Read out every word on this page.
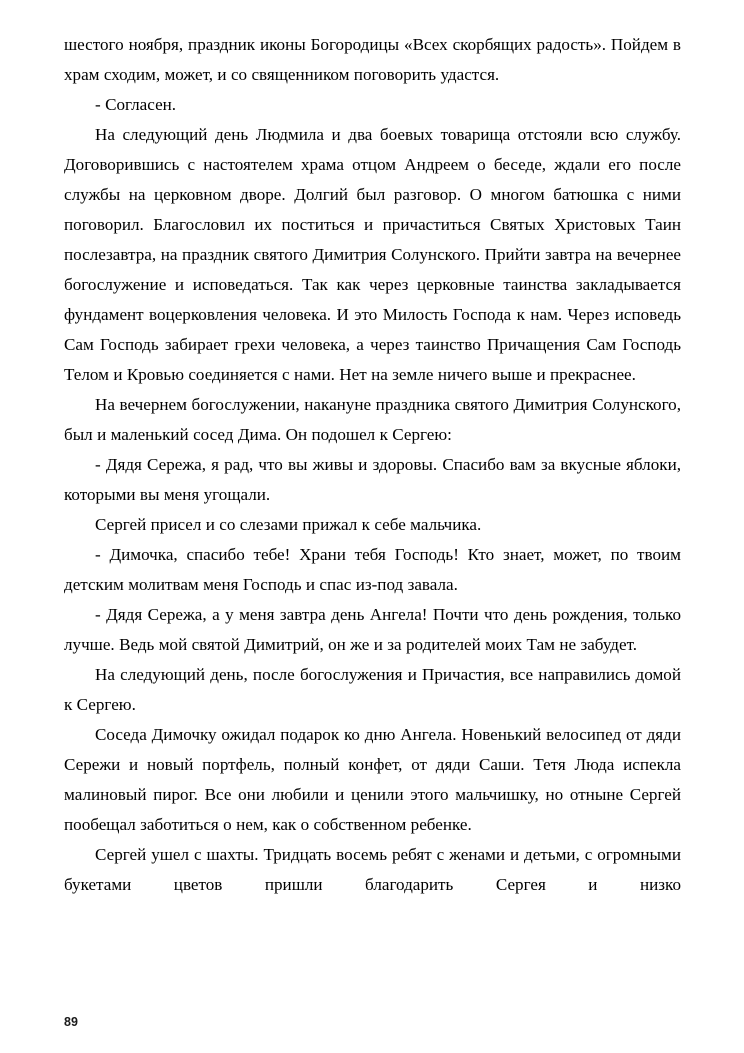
шестого ноября, праздник иконы Богородицы «Всех скорбящих радость». Пойдем в храм сходим, может, и со священником поговорить удастся.

- Согласен.

На следующий день Людмила и два боевых товарища отстояли всю службу. Договорившись с настоятелем храма отцом Андреем о беседе, ждали его после службы на церковном дворе. Долгий был разговор. О многом батюшка с ними поговорил. Благословил их поститься и причаститься Святых Христовых Таин послезавтра, на праздник святого Димитрия Солунского. Прийти завтра на вечернее богослужение и исповедаться. Так как через церковные таинства закладывается фундамент воцерковления человека. И это Милость Господа к нам. Через исповедь Сам Господь забирает грехи человека, а через таинство Причащения Сам Господь Телом и Кровью соединяется с нами. Нет на земле ничего выше и прекраснее.

На вечернем богослужении, накануне праздника святого Димитрия Солунского, был и маленький сосед Дима. Он подошел к Сергею:

- Дядя Сережа, я рад, что вы живы и здоровы. Спасибо вам за вкусные яблоки, которыми вы меня угощали.

Сергей присел и со слезами прижал к себе мальчика.

- Димочка, спасибо тебе! Храни тебя Господь! Кто знает, может, по твоим детским молитвам меня Господь и спас из-под завала.

- Дядя Сережа, а у меня завтра день Ангела! Почти что день рождения, только лучше. Ведь мой святой Димитрий, он же и за родителей моих Там не забудет.

На следующий день, после богослужения и Причастия, все направились домой к Сергею.

Соседа Димочку ожидал подарок ко дню Ангела. Новенький велосипед от дяди Сережи и новый портфель, полный конфет, от дяди Саши. Тетя Люда испекла малиновый пирог. Все они любили и ценили этого мальчишку, но отныне Сергей пообещал заботиться о нем, как о собственном ребенке.

Сергей ушел с шахты. Тридцать восемь ребят с женами и детьми, с огромными букетами цветов пришли благодарить Сергея и низко

89
